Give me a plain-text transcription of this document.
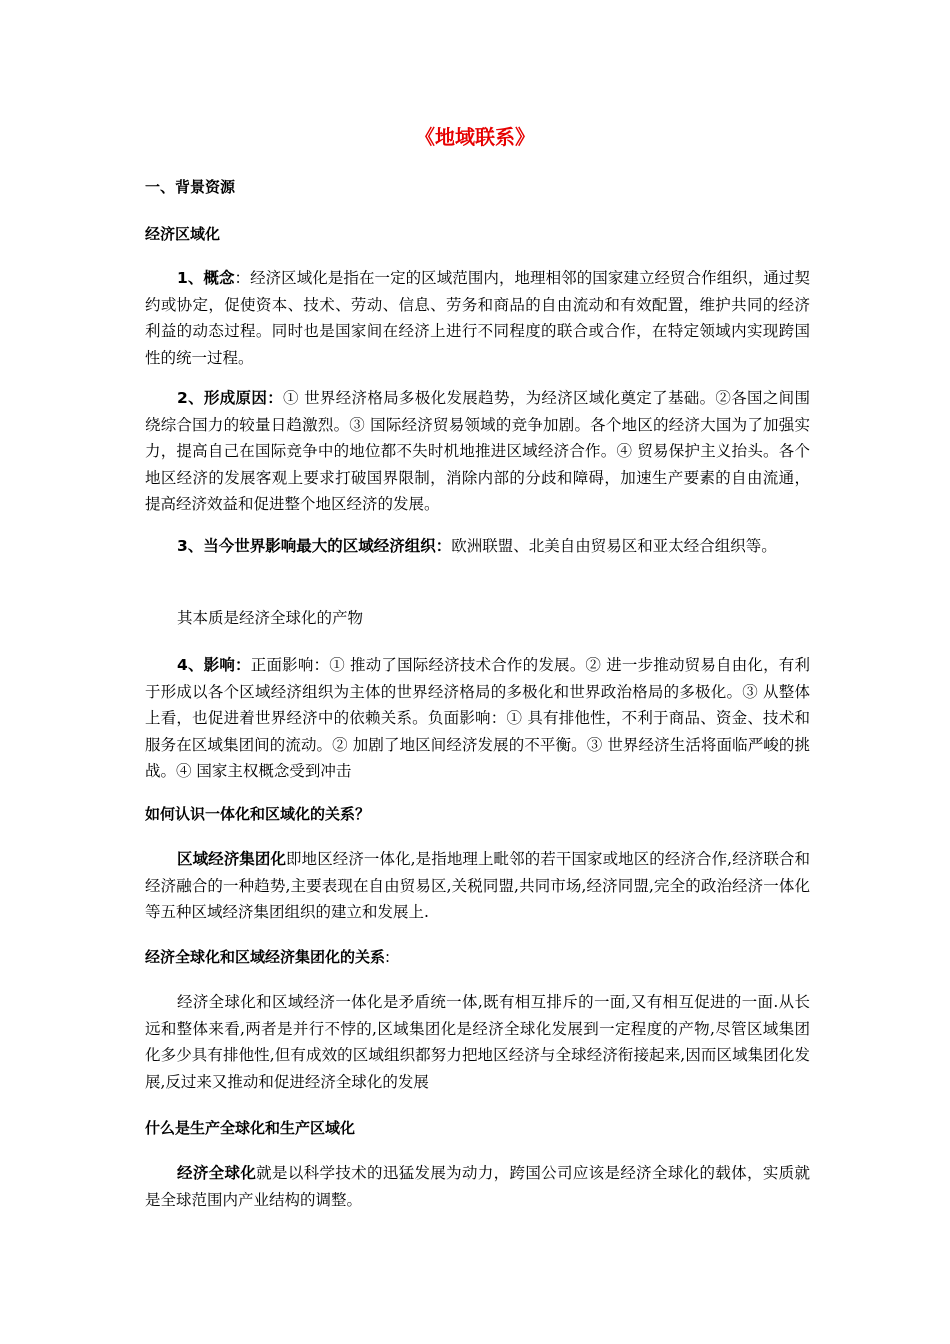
《地域联系》
一、背景资源
经济区域化
1、概念：经济区域化是指在一定的区域范围内，地理相邻的国家建立经贸合作组织，通过契约或协定，促使资本、技术、劳动、信息、劳务和商品的自由流动和有效配置，维护共同的经济利益的动态过程。同时也是国家间在经济上进行不同程度的联合或合作，在特定领域内实现跨国性的统一过程。
2、形成原因：① 世界经济格局多极化发展趋势，为经济区域化奠定了基础。②各国之间围绕综合国力的较量日趋激烈。③ 国际经济贸易领域的竞争加剧。各个地区的经济大国为了加强实力，提高自己在国际竞争中的地位都不失时机地推进区域经济合作。④ 贸易保护主义抬头。各个地区经济的发展客观上要求打破国界限制，消除内部的分歧和障碍，加速生产要素的自由流通，提高经济效益和促进整个地区经济的发展。
3、当今世界影响最大的区域经济组织：欧洲联盟、北美自由贸易区和亚太经合组织等。
其本质是经济全球化的产物
4、影响：正面影响：① 推动了国际经济技术合作的发展。② 进一步推动贸易自由化，有利于形成以各个区域经济组织为主体的世界经济格局的多极化和世界政治格局的多极化。③ 从整体上看，也促进着世界经济中的依赖关系。负面影响：① 具有排他性，不利于商品、资金、技术和服务在区域集团间的流动。② 加剧了地区间经济发展的不平衡。③ 世界经济生活将面临严峻的挑战。④ 国家主权概念受到冲击
如何认识一体化和区域化的关系？
区域经济集团化即地区经济一体化,是指地理上毗邻的若干国家或地区的经济合作,经济联合和经济融合的一种趋势,主要表现在自由贸易区,关税同盟,共同市场,经济同盟,完全的政治经济一体化等五种区域经济集团组织的建立和发展上.
经济全球化和区域经济集团化的关系:
经济全球化和区域经济一体化是矛盾统一体,既有相互排斥的一面,又有相互促进的一面.从长远和整体来看,两者是并行不悖的,区域集团化是经济全球化发展到一定程度的产物,尽管区域集团化多少具有排他性,但有成效的区域组织都努力把地区经济与全球经济衔接起来,因而区域集团化发展,反过来又推动和促进经济全球化的发展
什么是生产全球化和生产区域化
经济全球化就是以科学技术的迅猛发展为动力，跨国公司应该是经济全球化的载体，实质就是全球范围内产业结构的调整。
